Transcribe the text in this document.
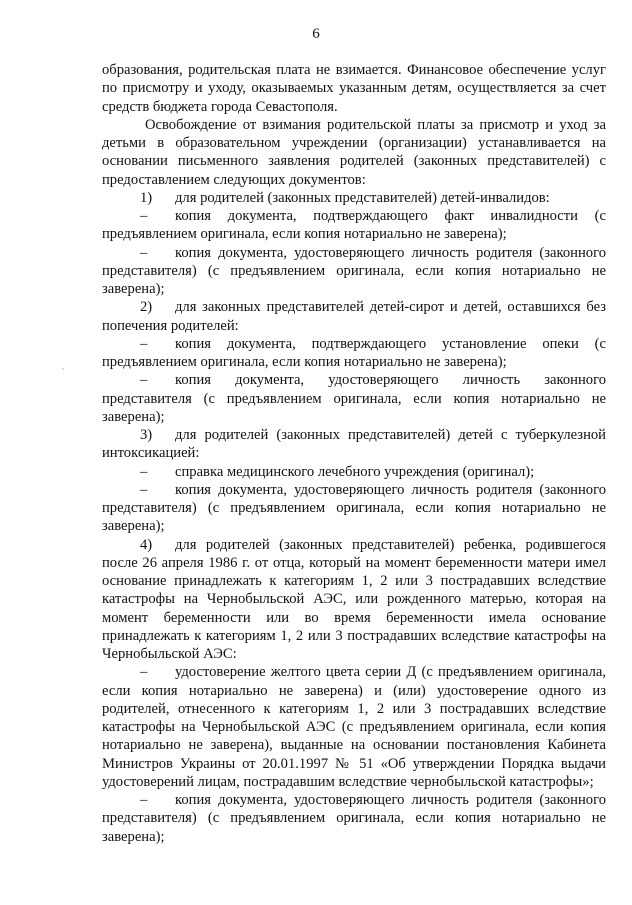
6

образования, родительская плата не взимается. Финансовое обеспечение услуг по присмотру и уходу, оказываемых указанным детям, осуществляется за счет средств бюджета города Севастополя.

Освобождение от взимания родительской платы за присмотр и уход за детьми в образовательном учреждении (организации) устанавливается на основании письменного заявления родителей (законных представителей) с предоставлением следующих документов:

1) для родителей (законных представителей) детей-инвалидов:

– копия документа, подтверждающего факт инвалидности (с предъявлением оригинала, если копия нотариально не заверена);

– копия документа, удостоверяющего личность родителя (законного представителя) (с предъявлением оригинала, если копия нотариально не заверена);

2) для законных представителей детей-сирот и детей, оставшихся без попечения родителей:

– копия документа, подтверждающего установление опеки (с предъявлением оригинала, если копия нотариально не заверена);

– копия документа, удостоверяющего личность законного представителя (с предъявлением оригинала, если копия нотариально не заверена);

3) для родителей (законных представителей) детей с туберкулезной интоксикацией:

– справка медицинского лечебного учреждения (оригинал);

– копия документа, удостоверяющего личность родителя (законного представителя) (с предъявлением оригинала, если копия нотариально не заверена);

4) для родителей (законных представителей) ребенка, родившегося после 26 апреля 1986 г. от отца, который на момент беременности матери имел основание принадлежать к категориям 1, 2 или 3 пострадавших вследствие катастрофы на Чернобыльской АЭС, или рожденного матерью, которая на момент беременности или во время беременности имела основание принадлежать к категориям 1, 2 или 3 пострадавших вследствие катастрофы на Чернобыльской АЭС:

– удостоверение желтого цвета серии Д (с предъявлением оригинала, если копия нотариально не заверена) и (или) удостоверение одного из родителей, отнесенного к категориям 1, 2 или 3 пострадавших вследствие катастрофы на Чернобыльской АЭС (с предъявлением оригинала, если копия нотариально не заверена), выданные на основании постановления Кабинета Министров Украины от 20.01.1997 № 51 «Об утверждении Порядка выдачи удостоверений лицам, пострадавшим вследствие чернобыльской катастрофы»;

– копия документа, удостоверяющего личность родителя (законного представителя) (с предъявлением оригинала, если копия нотариально не заверена);
